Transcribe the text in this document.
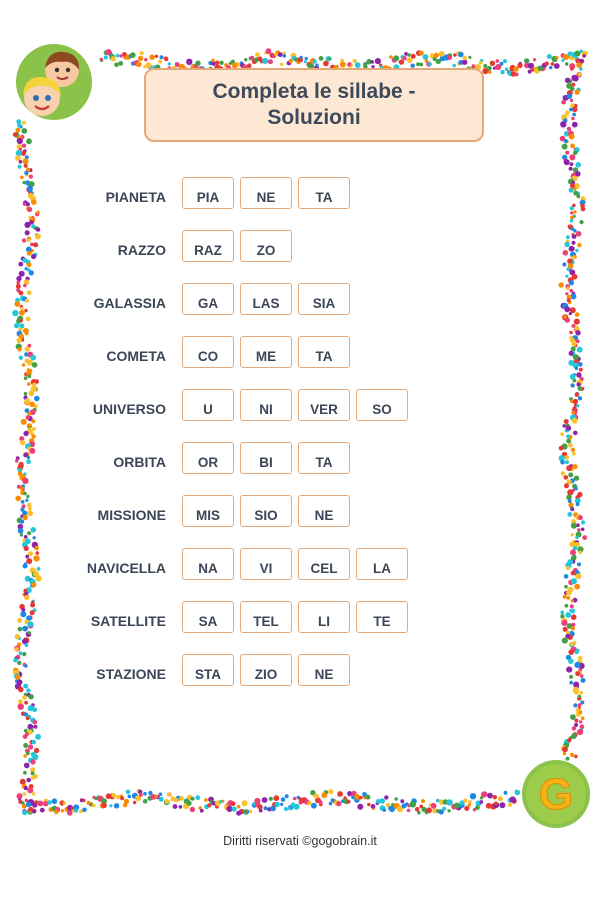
Completa le sillabe -
Soluzioni
PIANETA	PIA	NE	TA
RAZZO	RAZ	ZO
GALASSIA	GA	LAS	SIA
COMETA	CO	ME	TA
UNIVERSO	U	NI	VER	SO
ORBITA	OR	BI	TA
MISSIONE	MIS	SIO	NE
NAVICELLA	NA	VI	CEL	LA
SATELLITE	SA	TEL	LI	TE
STAZIONE	STA	ZIO	NE
G
Diritti riservati ©gogobrain.it
